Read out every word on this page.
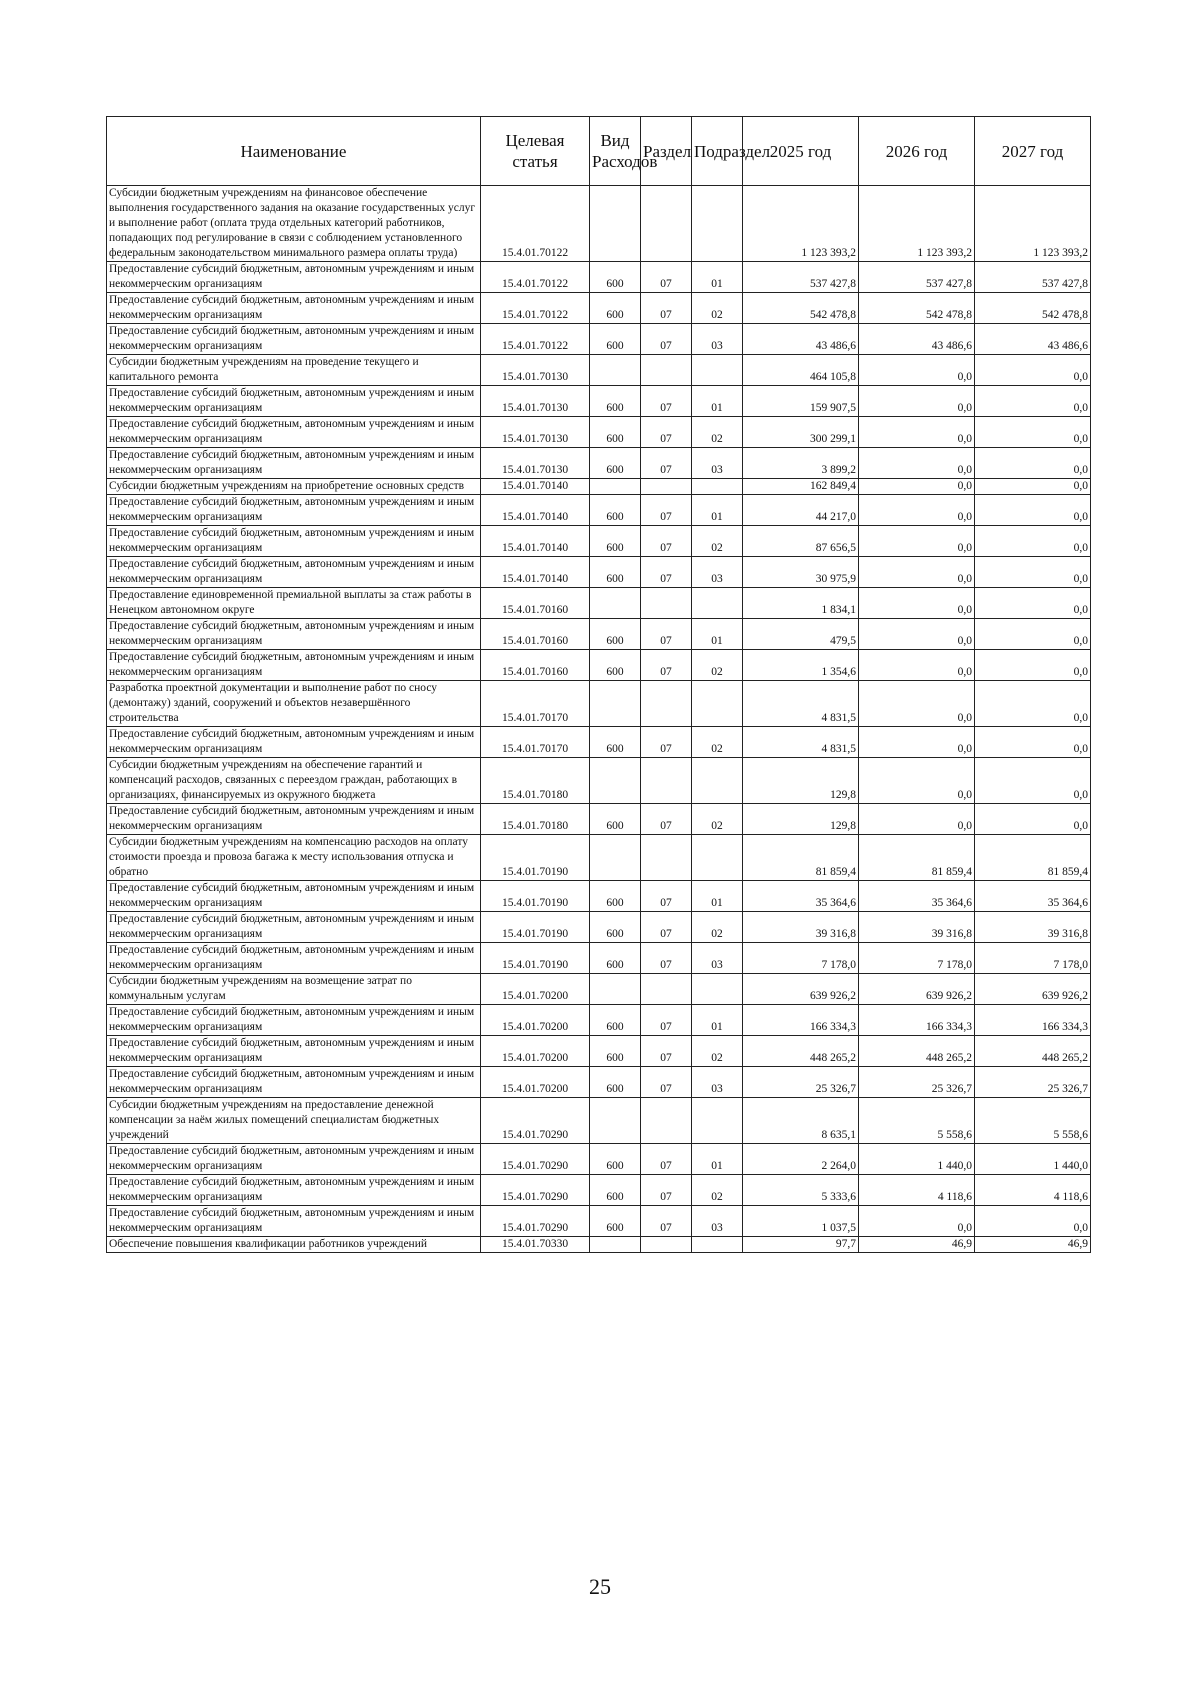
Наименование	Целевая статья	Вид Расходов	Раздел	Подраздел	2025 год	2026 год	2027 год
Субсидии бюджетным учреждениям на финансовое обеспечение выполнения государственного задания на оказание государственных услуг и выполнение работ (оплата труда отдельных категорий работников, попадающих под регулирование в связи с соблюдением установленного федеральным законодательством минимального размера оплаты труда)	15.4.01.70122				1 123 393,2	1 123 393,2	1 123 393,2
Предоставление субсидий бюджетным, автономным учреждениям и иным некоммерческим организациям	15.4.01.70122	600	07	01	537 427,8	537 427,8	537 427,8
Предоставление субсидий бюджетным, автономным учреждениям и иным некоммерческим организациям	15.4.01.70122	600	07	02	542 478,8	542 478,8	542 478,8
Предоставление субсидий бюджетным, автономным учреждениям и иным некоммерческим организациям	15.4.01.70122	600	07	03	43 486,6	43 486,6	43 486,6
Субсидии бюджетным учреждениям на проведение текущего и капитального ремонта	15.4.01.70130				464 105,8	0,0	0,0
Предоставление субсидий бюджетным, автономным учреждениям и иным некоммерческим организациям	15.4.01.70130	600	07	01	159 907,5	0,0	0,0
Предоставление субсидий бюджетным, автономным учреждениям и иным некоммерческим организациям	15.4.01.70130	600	07	02	300 299,1	0,0	0,0
Предоставление субсидий бюджетным, автономным учреждениям и иным некоммерческим организациям	15.4.01.70130	600	07	03	3 899,2	0,0	0,0
Субсидии бюджетным учреждениям на приобретение основных средств	15.4.01.70140				162 849,4	0,0	0,0
Предоставление субсидий бюджетным, автономным учреждениям и иным некоммерческим организациям	15.4.01.70140	600	07	01	44 217,0	0,0	0,0
Предоставление субсидий бюджетным, автономным учреждениям и иным некоммерческим организациям	15.4.01.70140	600	07	02	87 656,5	0,0	0,0
Предоставление субсидий бюджетным, автономным учреждениям и иным некоммерческим организациям	15.4.01.70140	600	07	03	30 975,9	0,0	0,0
Предоставление единовременной премиальной выплаты за стаж работы в Ненецком автономном округе	15.4.01.70160				1 834,1	0,0	0,0
Предоставление субсидий бюджетным, автономным учреждениям и иным некоммерческим организациям	15.4.01.70160	600	07	01	479,5	0,0	0,0
Предоставление субсидий бюджетным, автономным учреждениям и иным некоммерческим организациям	15.4.01.70160	600	07	02	1 354,6	0,0	0,0
Разработка проектной документации и выполнение работ по сносу (демонтажу) зданий, сооружений и объектов незавершённого строительства	15.4.01.70170				4 831,5	0,0	0,0
Предоставление субсидий бюджетным, автономным учреждениям и иным некоммерческим организациям	15.4.01.70170	600	07	02	4 831,5	0,0	0,0
Субсидии бюджетным учреждениям на обеспечение гарантий и компенсаций расходов, связанных с переездом граждан, работающих в организациях, финансируемых из окружного бюджета	15.4.01.70180				129,8	0,0	0,0
Предоставление субсидий бюджетным, автономным учреждениям и иным некоммерческим организациям	15.4.01.70180	600	07	02	129,8	0,0	0,0
Субсидии бюджетным учреждениям на компенсацию расходов на оплату стоимости проезда и провоза багажа к месту использования отпуска и обратно	15.4.01.70190				81 859,4	81 859,4	81 859,4
Предоставление субсидий бюджетным, автономным учреждениям и иным некоммерческим организациям	15.4.01.70190	600	07	01	35 364,6	35 364,6	35 364,6
Предоставление субсидий бюджетным, автономным учреждениям и иным некоммерческим организациям	15.4.01.70190	600	07	02	39 316,8	39 316,8	39 316,8
Предоставление субсидий бюджетным, автономным учреждениям и иным некоммерческим организациям	15.4.01.70190	600	07	03	7 178,0	7 178,0	7 178,0
Субсидии бюджетным учреждениям на возмещение затрат по коммунальным услугам	15.4.01.70200				639 926,2	639 926,2	639 926,2
Предоставление субсидий бюджетным, автономным учреждениям и иным некоммерческим организациям	15.4.01.70200	600	07	01	166 334,3	166 334,3	166 334,3
Предоставление субсидий бюджетным, автономным учреждениям и иным некоммерческим организациям	15.4.01.70200	600	07	02	448 265,2	448 265,2	448 265,2
Предоставление субсидий бюджетным, автономным учреждениям и иным некоммерческим организациям	15.4.01.70200	600	07	03	25 326,7	25 326,7	25 326,7
Субсидии бюджетным учреждениям на предоставление денежной компенсации за наём жилых помещений специалистам бюджетных учреждений	15.4.01.70290				8 635,1	5 558,6	5 558,6
Предоставление субсидий бюджетным, автономным учреждениям и иным некоммерческим организациям	15.4.01.70290	600	07	01	2 264,0	1 440,0	1 440,0
Предоставление субсидий бюджетным, автономным учреждениям и иным некоммерческим организациям	15.4.01.70290	600	07	02	5 333,6	4 118,6	4 118,6
Предоставление субсидий бюджетным, автономным учреждениям и иным некоммерческим организациям	15.4.01.70290	600	07	03	1 037,5	0,0	0,0
Обеспечение повышения квалификации работников учреждений	15.4.01.70330				97,7	46,9	46,9
25
